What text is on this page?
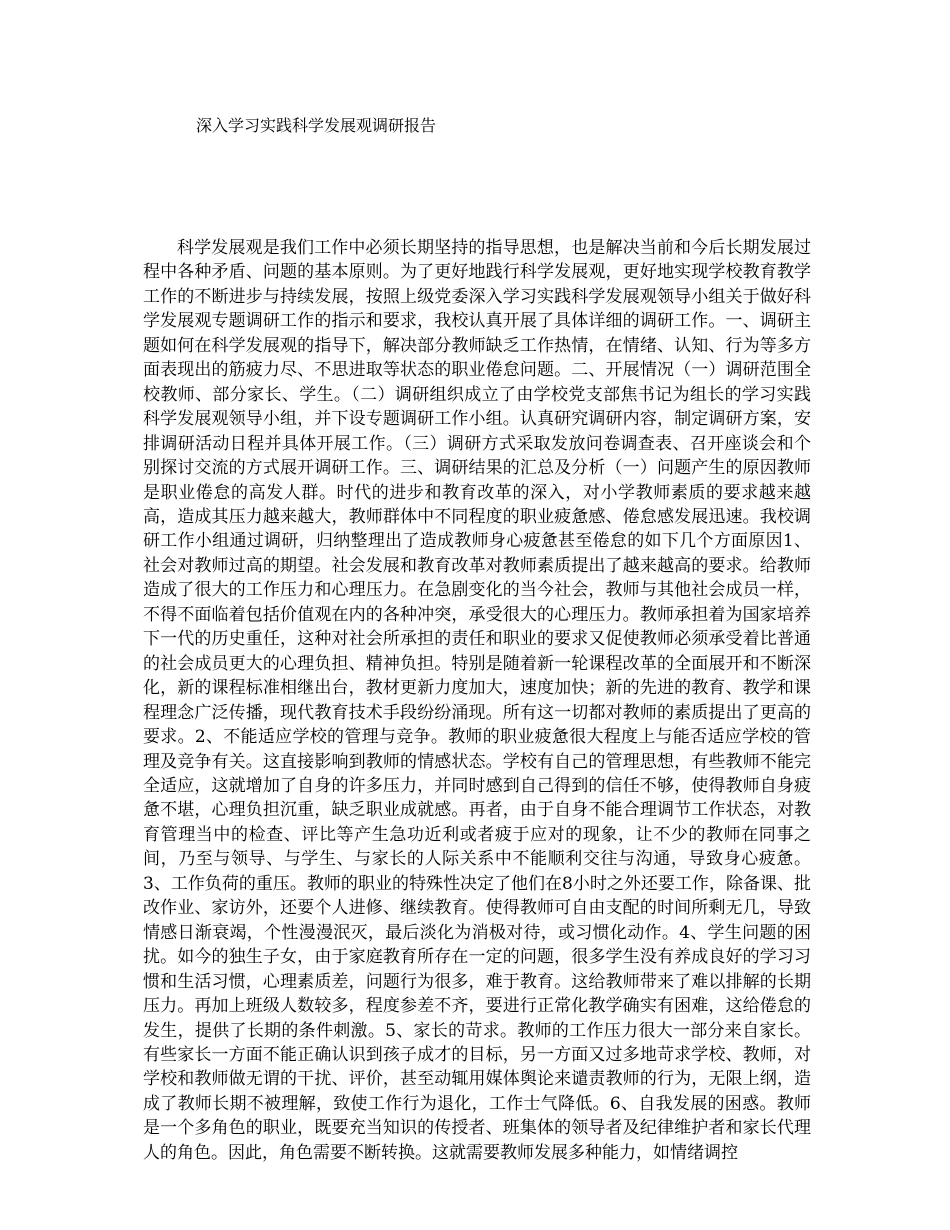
深入学习实践科学发展观调研报告

科学发展观是我们工作中必须长期坚持的指导思想，也是解决当前和今后长期发展过程中各种矛盾、问题的基本原则。为了更好地践行科学发展观，更好地实现学校教育教学工作的不断进步与持续发展，按照上级党委深入学习实践科学发展观领导小组关于做好科学发展观专题调研工作的指示和要求，我校认真开展了具体详细的调研工作。一、调研主题如何在科学发展观的指导下，解决部分教师缺乏工作热情，在情绪、认知、行为等多方面表现出的筋疲力尽、不思进取等状态的职业倦怠问题。二、开展情况（一）调研范围全校教师、部分家长、学生。（二）调研组织成立了由学校党支部焦书记为组长的学习实践科学发展观领导小组，并下设专题调研工作小组。认真研究调研内容，制定调研方案，安排调研活动日程并具体开展工作。（三）调研方式采取发放问卷调查表、召开座谈会和个别探讨交流的方式展开调研工作。三、调研结果的汇总及分析（一）问题产生的原因教师是职业倦怠的高发人群。时代的进步和教育改革的深入，对小学教师素质的要求越来越高，造成其压力越来越大，教师群体中不同程度的职业疲惫感、倦怠感发展迅速。我校调研工作小组通过调研，归纳整理出了造成教师身心疲惫甚至倦怠的如下几个方面原因1、社会对教师过高的期望。社会发展和教育改革对教师素质提出了越来越高的要求。给教师造成了很大的工作压力和心理压力。在急剧变化的当今社会，教师与其他社会成员一样，不得不面临着包括价值观在内的各种冲突，承受很大的心理压力。教师承担着为国家培养下一代的历史重任，这种对社会所承担的责任和职业的要求又促使教师必须承受着比普通的社会成员更大的心理负担、精神负担。特别是随着新一轮课程改革的全面展开和不断深化，新的课程标准相继出台，教材更新力度加大，速度加快；新的先进的教育、教学和课程理念广泛传播，现代教育技术手段纷纷涌现。所有这一切都对教师的素质提出了更高的要求。2、不能适应学校的管理与竞争。教师的职业疲惫很大程度上与能否适应学校的管理及竞争有关。这直接影响到教师的情感状态。学校有自己的管理思想，有些教师不能完全适应，这就增加了自身的许多压力，并同时感到自己得到的信任不够，使得教师自身疲惫不堪，心理负担沉重，缺乏职业成就感。再者，由于自身不能合理调节工作状态，对教育管理当中的检查、评比等产生急功近利或者疲于应对的现象，让不少的教师在同事之间，乃至与领导、与学生、与家长的人际关系中不能顺利交往与沟通，导致身心疲惫。3、工作负荷的重压。教师的职业的特殊性决定了他们在8小时之外还要工作，除备课、批改作业、家访外，还要个人进修、继续教育。使得教师可自由支配的时间所剩无几，导致情感日渐衰竭，个性漫漫泯灭，最后淡化为消极对待，或习惯化动作。4、学生问题的困扰。如今的独生子女，由于家庭教育所存在一定的问题，很多学生没有养成良好的学习习惯和生活习惯，心理素质差，问题行为很多，难于教育。这给教师带来了难以排解的长期压力。再加上班级人数较多，程度参差不齐，要进行正常化教学确实有困难，这给倦怠的发生，提供了长期的条件刺激。5、家长的苛求。教师的工作压力很大一部分来自家长。有些家长一方面不能正确认识到孩子成才的目标，另一方面又过多地苛求学校、教师，对学校和教师做无谓的干扰、评价，甚至动辄用媒体舆论来谴责教师的行为，无限上纲，造成了教师长期不被理解，致使工作行为退化，工作士气降低。6、自我发展的困惑。教师是一个多角色的职业，既要充当知识的传授者、班集体的领导者及纪律维护者和家长代理人的角色。因此，角色需要不断转换。这就需要教师发展多种能力，如情绪调控
